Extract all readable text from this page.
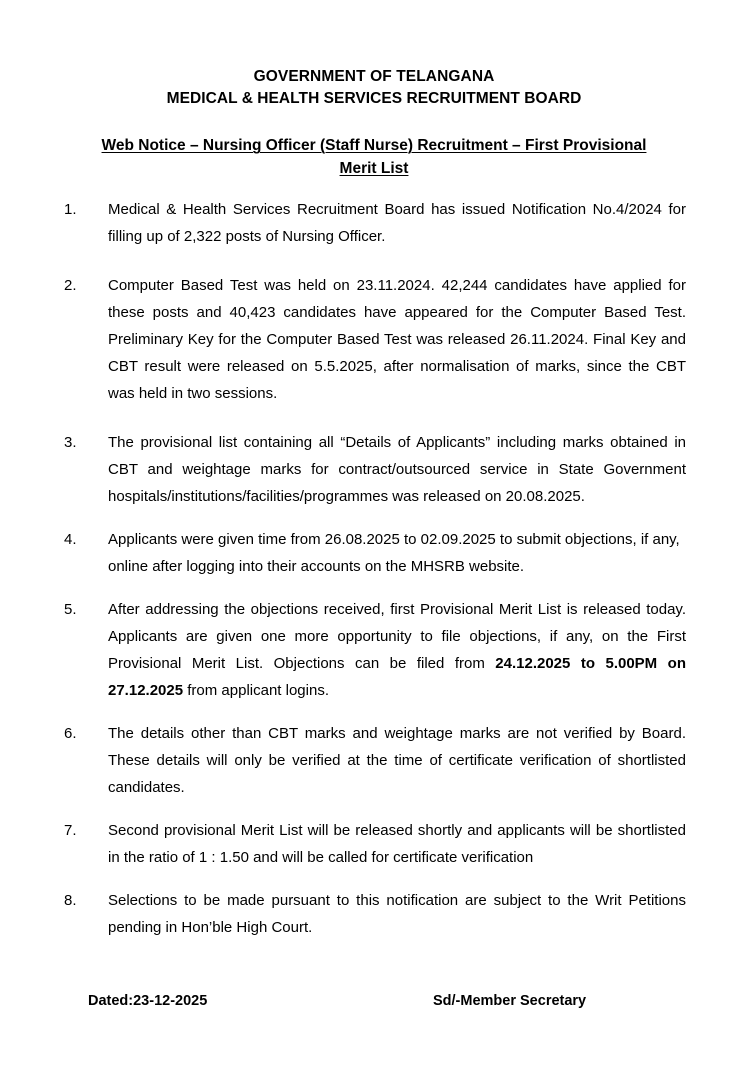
GOVERNMENT OF TELANGANA
MEDICAL & HEALTH SERVICES RECRUITMENT BOARD
Web Notice – Nursing Officer (Staff Nurse) Recruitment – First Provisional
Merit List
1.	Medical & Health Services Recruitment Board has issued Notification No.4/2024 for filling up of 2,322 posts of Nursing Officer.
2.	Computer Based Test was held on 23.11.2024. 42,244 candidates have applied for these posts and 40,423 candidates have appeared for the Computer Based Test. Preliminary Key for the Computer Based Test was released 26.11.2024. Final Key and CBT result were released on 5.5.2025, after normalisation of marks, since the CBT was held in two sessions.
3.	The provisional list containing all “Details of Applicants” including marks obtained in CBT and weightage marks for contract/outsourced service in State Government hospitals/institutions/facilities/programmes was released on 20.08.2025.
4.	Applicants were given time from 26.08.2025 to 02.09.2025 to submit objections, if any, online after logging into their accounts on the MHSRB website.
5.	After addressing the objections received, first Provisional Merit List is released today. Applicants are given one more opportunity to file objections, if any, on the First Provisional Merit List. Objections can be filed from 24.12.2025 to 5.00PM on 27.12.2025 from applicant logins.
6.	The details other than CBT marks and weightage marks are not verified by Board. These details will only be verified at the time of certificate verification of shortlisted candidates.
7.	Second provisional Merit List will be released shortly and applicants will be shortlisted in the ratio of 1 : 1.50 and will be called for certificate verification
8.	Selections to be made pursuant to this notification are subject to the Writ Petitions pending in Hon’ble High Court.
Dated:23-12-2025	Sd/-Member Secretary
